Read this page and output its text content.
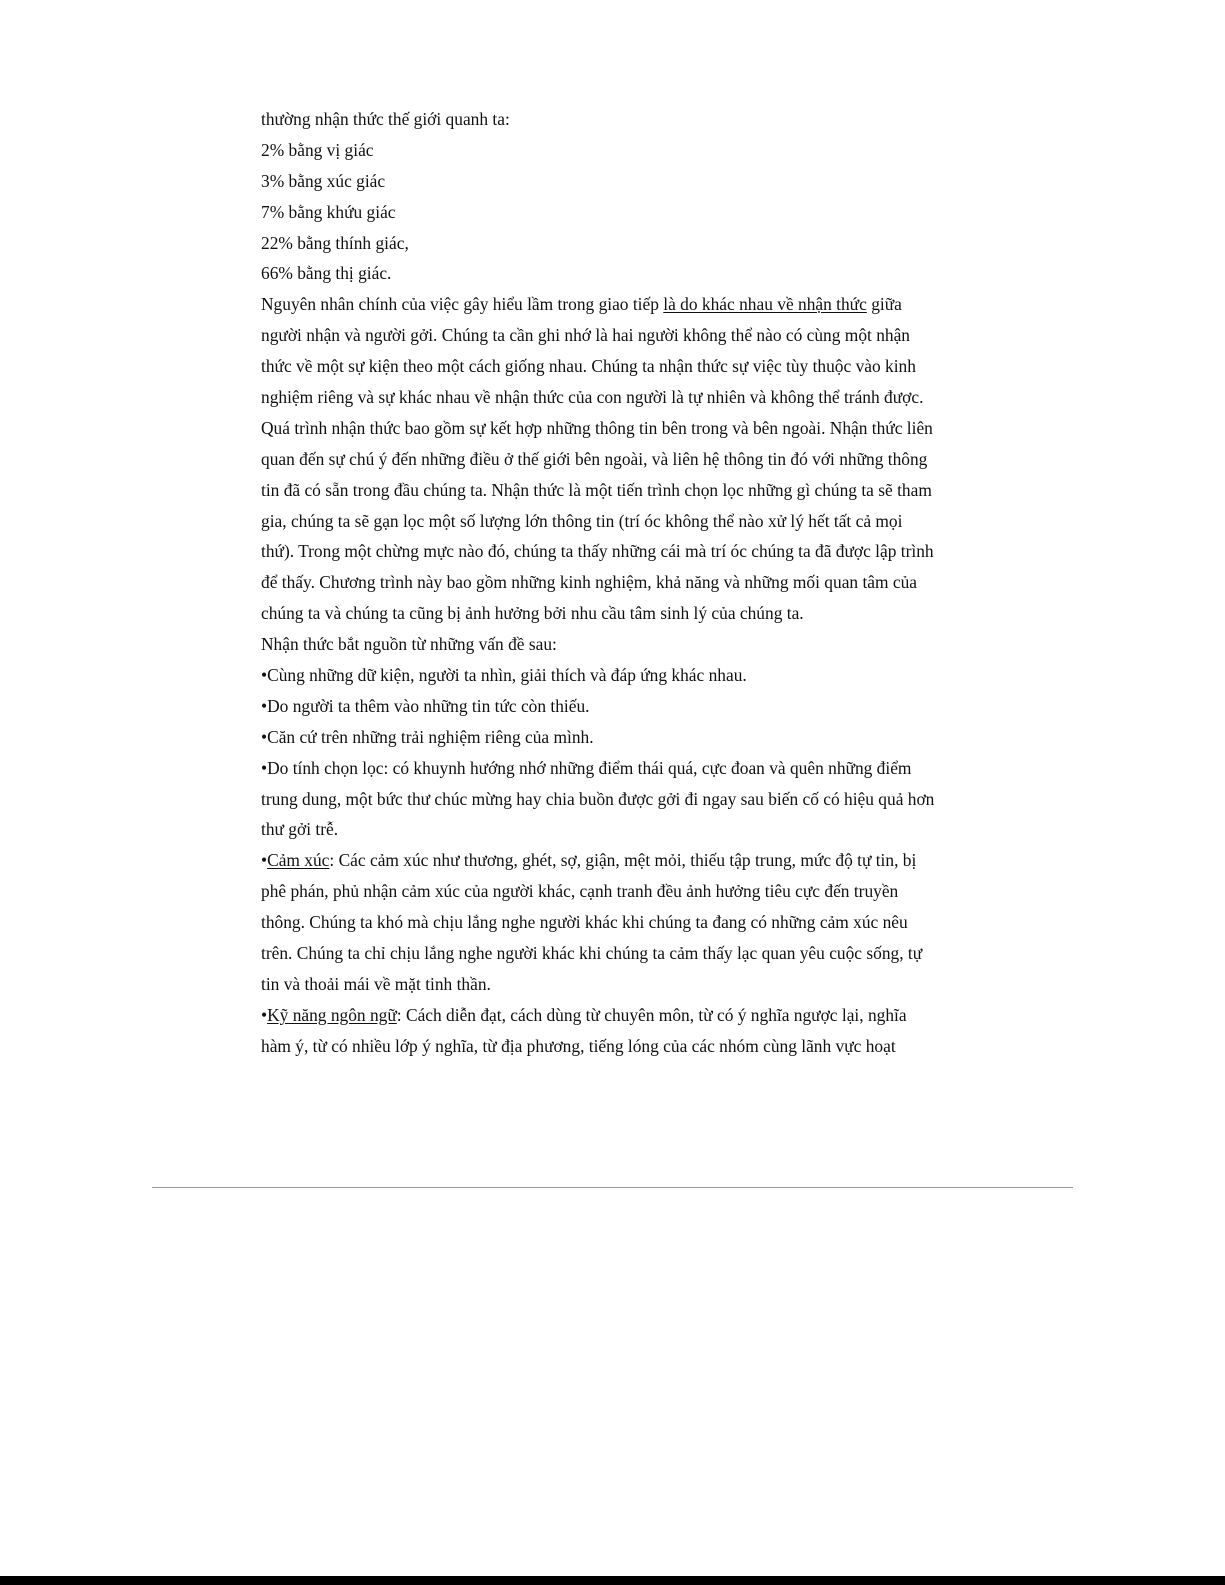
thường nhận thức thế giới quanh ta:
2% bằng vị giác
3% bằng xúc giác
7% bằng khứu giác
22% bằng thính giác,
66% bằng thị giác.
Nguyên nhân chính của việc gây hiểu lầm trong giao tiếp là do khác nhau về nhận thức giữa
người nhận và người gởi. Chúng ta cần ghi nhớ là hai người không thể nào có cùng một nhận
thức về một sự kiện theo một cách giống nhau. Chúng ta nhận thức sự việc tùy thuộc vào kinh
nghiệm riêng và sự khác nhau về nhận thức của con người là tự nhiên và không thể tránh được.
Quá trình nhận thức bao gồm sự kết hợp những thông tin bên trong và bên ngoài. Nhận thức liên
quan đến sự chú ý đến những điều ở thế giới bên ngoài, và liên hệ thông tin đó với những thông
tin đã có sẵn trong đầu chúng ta. Nhận thức là một tiến trình chọn lọc những gì chúng ta sẽ tham
gia, chúng ta sẽ gạn lọc một số lượng lớn thông tin (trí óc không thể nào xử lý hết tất cả mọi
thứ). Trong một chừng mực nào đó, chúng ta thấy những cái mà trí óc chúng ta đã được lập trình
để thấy. Chương trình này bao gồm những kinh nghiệm, khả năng và những mối quan tâm của
chúng ta và chúng ta cũng bị ảnh hưởng bởi nhu cầu tâm sinh lý của chúng ta.
Nhận thức bắt nguồn từ những vấn đề sau:
•Cùng những dữ kiện, người ta nhìn, giải thích và đáp ứng khác nhau.
•Do người ta thêm vào những tin tức còn thiếu.
•Căn cứ trên những trải nghiệm riêng của mình.
•Do tính chọn lọc: có khuynh hướng nhớ những điểm thái quá, cực đoan và quên những điểm
trung dung, một bức thư chúc mừng hay chia buồn được gởi đi ngay sau biến cố có hiệu quả hơn
thư gởi trễ.
•Cảm xúc: Các cảm xúc như thương, ghét, sợ, giận, mệt mỏi, thiếu tập trung, mức độ tự tin, bị
phê phán, phủ nhận cảm xúc của người khác, cạnh tranh đều ảnh hưởng tiêu cực đến truyền
thông. Chúng ta khó mà chịu lắng nghe người khác khi chúng ta đang có những cảm xúc nêu
trên. Chúng ta chỉ chịu lắng nghe người khác khi chúng ta cảm thấy lạc quan yêu cuộc sống, tự
tin và thoải mái về mặt tinh thần.
•Kỹ năng ngôn ngữ: Cách diễn đạt, cách dùng từ chuyên môn, từ có ý nghĩa ngược lại, nghĩa
hàm ý, từ có nhiều lớp ý nghĩa, từ địa phương, tiếng lóng của các nhóm cùng lãnh vực hoạt
